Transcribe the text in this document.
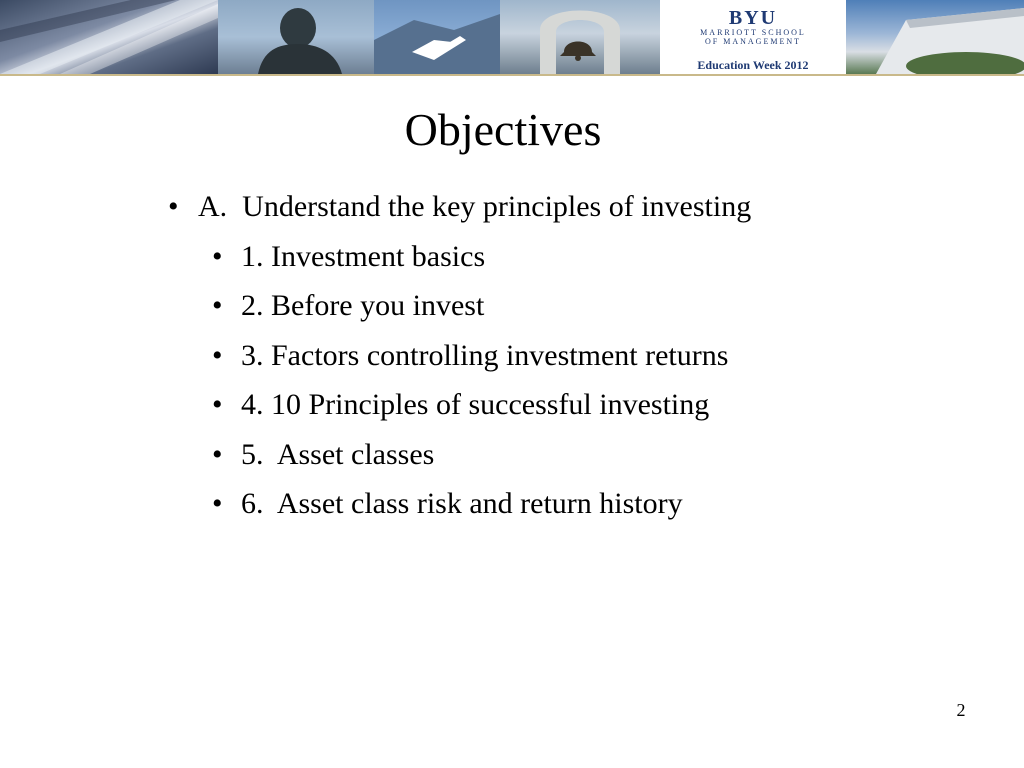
BYU
MARRIOTT SCHOOL
OF MANAGEMENT
Education Week 2012
Objectives

•

A.  Understand the key principles of investing

•

1. Investment basics

•

2. Before you invest

•

3. Factors controlling investment returns

•

4. 10 Principles of successful investing

•

5.  Asset classes

•

6.  Asset class risk and return history

2
